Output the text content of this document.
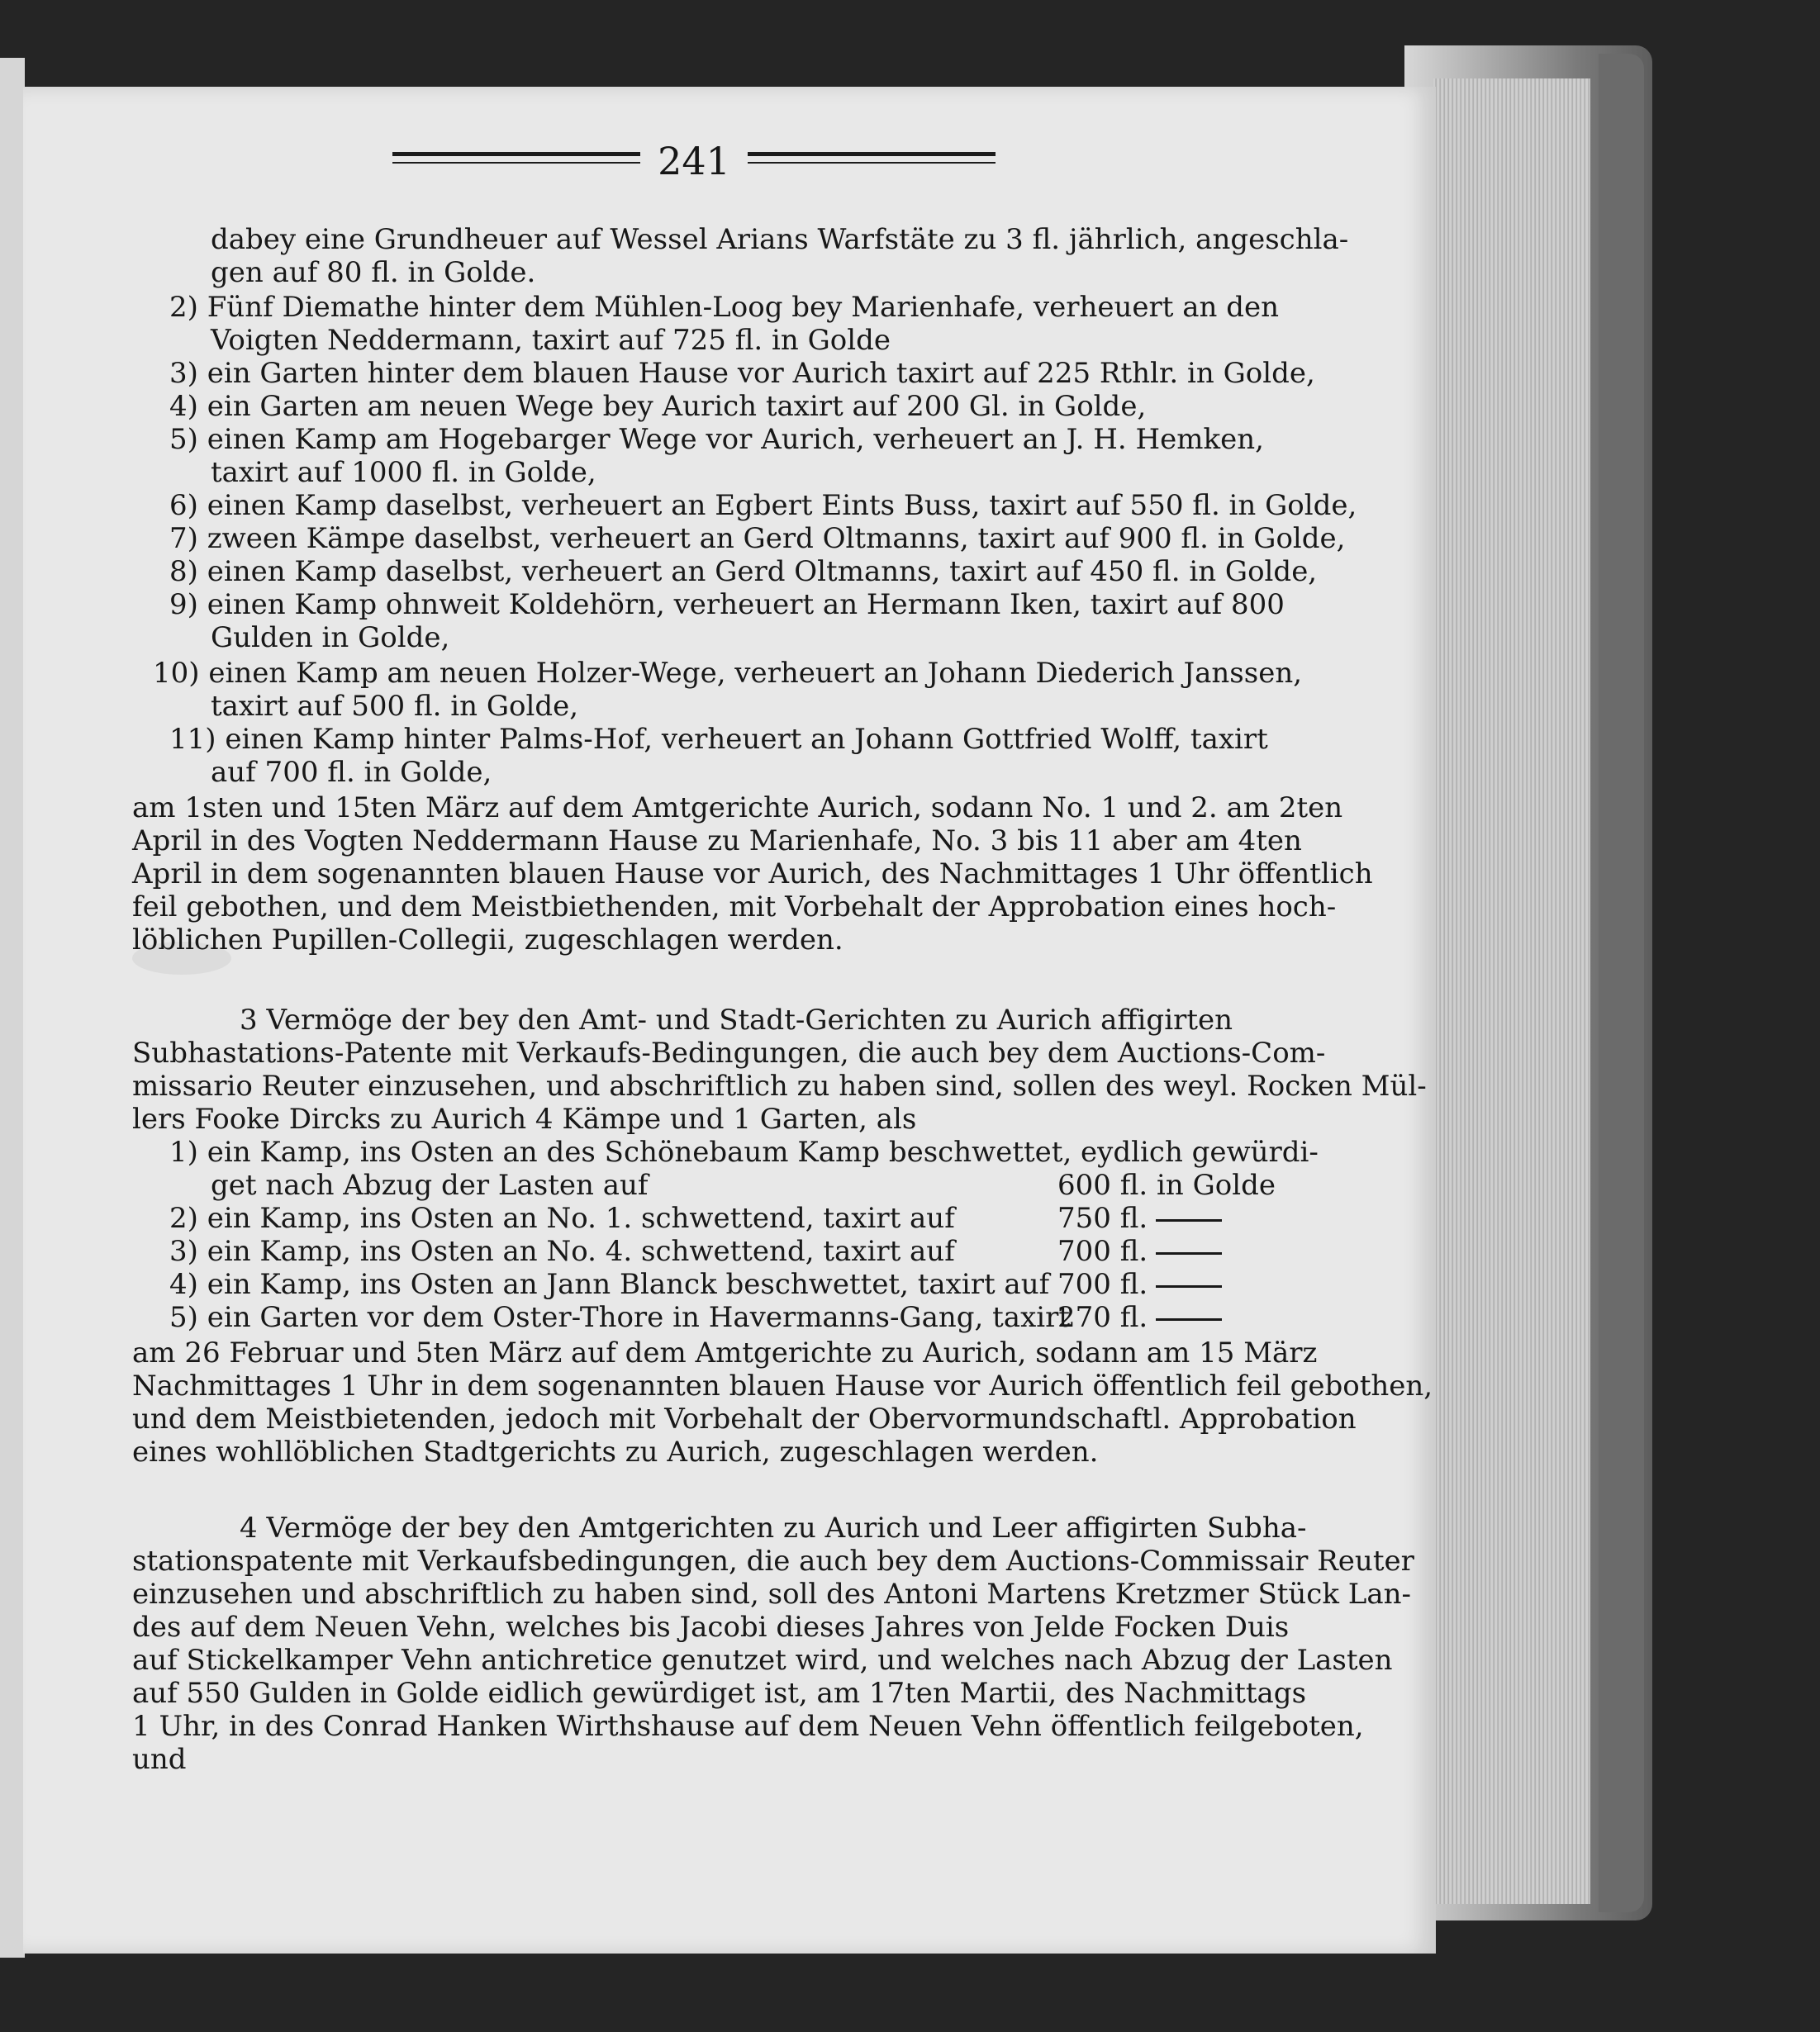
241
dabey eine Grundheuer auf Wessel Arians Warfstäte zu 3 fl. jährlich, angeschla-
gen auf 80 fl. in Golde.
2) Fünf Diemathe hinter dem Mühlen-Loog bey Marienhafe, verheuert an den
Voigten Neddermann, taxirt auf 725 fl. in Golde
3) ein Garten hinter dem blauen Hause vor Aurich taxirt auf 225 Rthlr. in Golde,
4) ein Garten am neuen Wege bey Aurich taxirt auf 200 Gl. in Golde,
5) einen Kamp am Hogebarger Wege vor Aurich, verheuert an J. H. Hemken,
taxirt auf 1000 fl. in Golde,
6) einen Kamp daselbst, verheuert an Egbert Eints Buss, taxirt auf 550 fl. in Golde,
7) zween Kämpe daselbst, verheuert an Gerd Oltmanns, taxirt auf 900 fl. in Golde,
8) einen Kamp daselbst, verheuert an Gerd Oltmanns, taxirt auf 450 fl. in Golde,
9) einen Kamp ohnweit Koldehörn, verheuert an Hermann Iken, taxirt auf 800
Gulden in Golde,
10) einen Kamp am neuen Holzer-Wege, verheuert an Johann Diederich Janssen,
taxirt auf 500 fl. in Golde,
11) einen Kamp hinter Palms-Hof, verheuert an Johann Gottfried Wolff, taxirt
auf 700 fl. in Golde,
am 1sten und 15ten März auf dem Amtgerichte Aurich, sodann No. 1 und 2. am 2ten
April in des Vogten Neddermann Hause zu Marienhafe, No. 3 bis 11 aber am 4ten
April in dem sogenannten blauen Hause vor Aurich, des Nachmittages 1 Uhr öffentlich
feil gebothen, und dem Meistbiethenden, mit Vorbehalt der Approbation eines hoch-
löblichen Pupillen-Collegii, zugeschlagen werden.
3 Vermöge der bey den Amt- und Stadt-Gerichten zu Aurich affigirten
Subhastations-Patente mit Verkaufs-Bedingungen, die auch bey dem Auctions-Com-
missario Reuter einzusehen, und abschriftlich zu haben sind, sollen des weyl. Rocken Mül-
lers Fooke Dircks zu Aurich 4 Kämpe und 1 Garten, als
1) ein Kamp, ins Osten an des Schönebaum Kamp beschwettet, eydlich gewürdi-
get nach Abzug der Lasten auf
2) ein Kamp, ins Osten an No. 1. schwettend, taxirt auf
3) ein Kamp, ins Osten an No. 4. schwettend, taxirt auf
4) ein Kamp, ins Osten an Jann Blanck beschwettet, taxirt auf
5) ein Garten vor dem Oster-Thore in Havermanns-Gang, taxirt
600 fl. in Golde
750 fl.
700 fl.
700 fl.
270 fl.
am 26 Februar und 5ten März auf dem Amtgerichte zu Aurich, sodann am 15 März
Nachmittages 1 Uhr in dem sogenannten blauen Hause vor Aurich öffentlich feil gebothen,
und dem Meistbietenden, jedoch mit Vorbehalt der Obervormundschaftl. Approbation
eines wohllöblichen Stadtgerichts zu Aurich, zugeschlagen werden.
4 Vermöge der bey den Amtgerichten zu Aurich und Leer affigirten Subha-
stationspatente mit Verkaufsbedingungen, die auch bey dem Auctions-Commissair Reuter
einzusehen und abschriftlich zu haben sind, soll des Antoni Martens Kretzmer Stück Lan-
des auf dem Neuen Vehn, welches bis Jacobi dieses Jahres von Jelde Focken Duis
auf Stickelkamper Vehn antichretice genutzet wird, und welches nach Abzug der Lasten
auf 550 Gulden in Golde eidlich gewürdiget ist, am 17ten Martii, des Nachmittags
1 Uhr, in des Conrad Hanken Wirthshause auf dem Neuen Vehn öffentlich feilgeboten,
und
